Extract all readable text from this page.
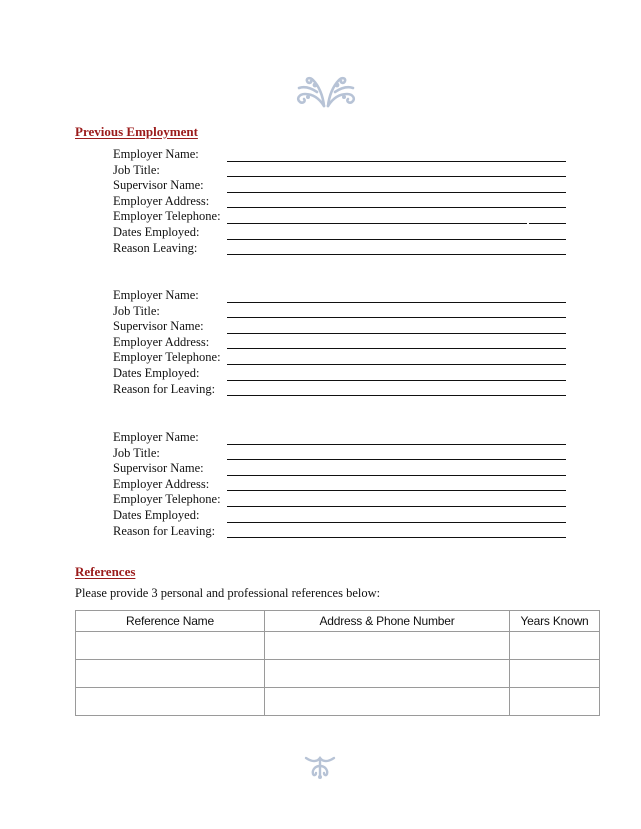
Previous Employment
Employer Name:
Job Title:
Supervisor Name:
Employer Address:
Employer Telephone:
Dates Employed:
Reason Leaving:
Employer Name:
Job Title:
Supervisor Name:
Employer Address:
Employer Telephone:
Dates Employed:
Reason for Leaving:
Employer Name:
Job Title:
Supervisor Name:
Employer Address:
Employer Telephone:
Dates Employed:
Reason for Leaving:
References
Please provide 3 personal and professional references below:
Reference Name	Address & Phone Number	Years Known
